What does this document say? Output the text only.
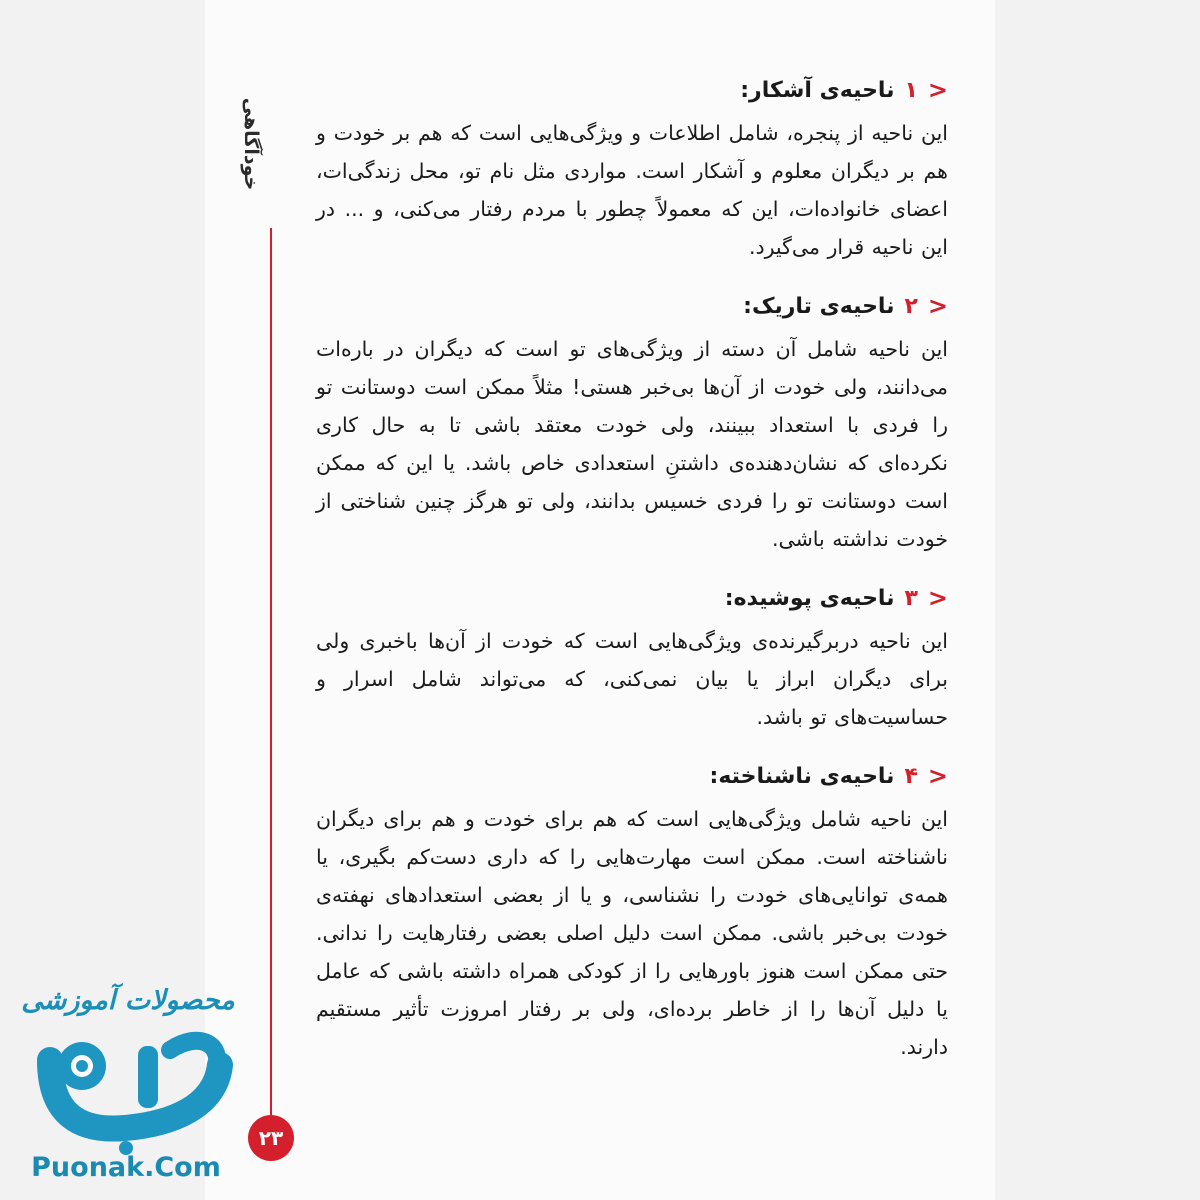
خودآگاهی
۲۳
<
۱
ناحیه‌ی آشکار:

این ناحیه از پنجره، شامل اطلاعات و ویژگی‌هایی است که هم بر خودت و هم بر دیگران معلوم و آشکار است. مواردی مثل نام تو، محل زندگی‌ات، اعضای خانواده‌ات، این که معمولاً چطور با مردم رفتار می‌کنی، و ... در این ناحیه قرار می‌گیرد.

<
۲
ناحیه‌ی تاریک:

این ناحیه شامل آن دسته از ویژگی‌های تو است که دیگران در باره‌ات می‌دانند، ولی خودت از آن‌ها بی‌خبر هستی! مثلاً ممکن است دوستانت تو را فردی با استعداد ببینند، ولی خودت معتقد باشی تا به حال کاری نکرده‌ای که نشان‌دهنده‌ی داشتنِ استعدادی خاص باشد. یا این که ممکن است دوستانت تو را فردی خسیس بدانند، ولی تو هرگز چنین شناختی از خودت نداشته باشی.

<
۳
ناحیه‌ی پوشیده:

این ناحیه دربرگیرنده‌ی ویژگی‌هایی است که خودت از آن‌ها باخبری ولی برای دیگران ابراز یا بیان نمی‌کنی، که می‌تواند شامل اسرار و حساسیت‌های تو باشد.

<
۴
ناحیه‌ی ناشناخته:

این ناحیه شامل ویژگی‌هایی است که هم برای خودت و هم برای دیگران ناشناخته است. ممکن است مهارت‌هایی را که داری دست‌کم بگیری، یا همه‌ی توانایی‌های خودت را نشناسی، و یا از بعضی استعدادهای نهفته‌ی خودت بی‌خبر باشی. ممکن است دلیل اصلی بعضی رفتارهایت را ندانی. حتی ممکن است هنوز باورهایی را از کودکی همراه داشته باشی که عامل یا دلیل آن‌ها را از خاطر برده‌ای، ولی بر رفتار امروزت تأثیر مستقیم دارند.

محصولات آموزشی
Puonak.Com
